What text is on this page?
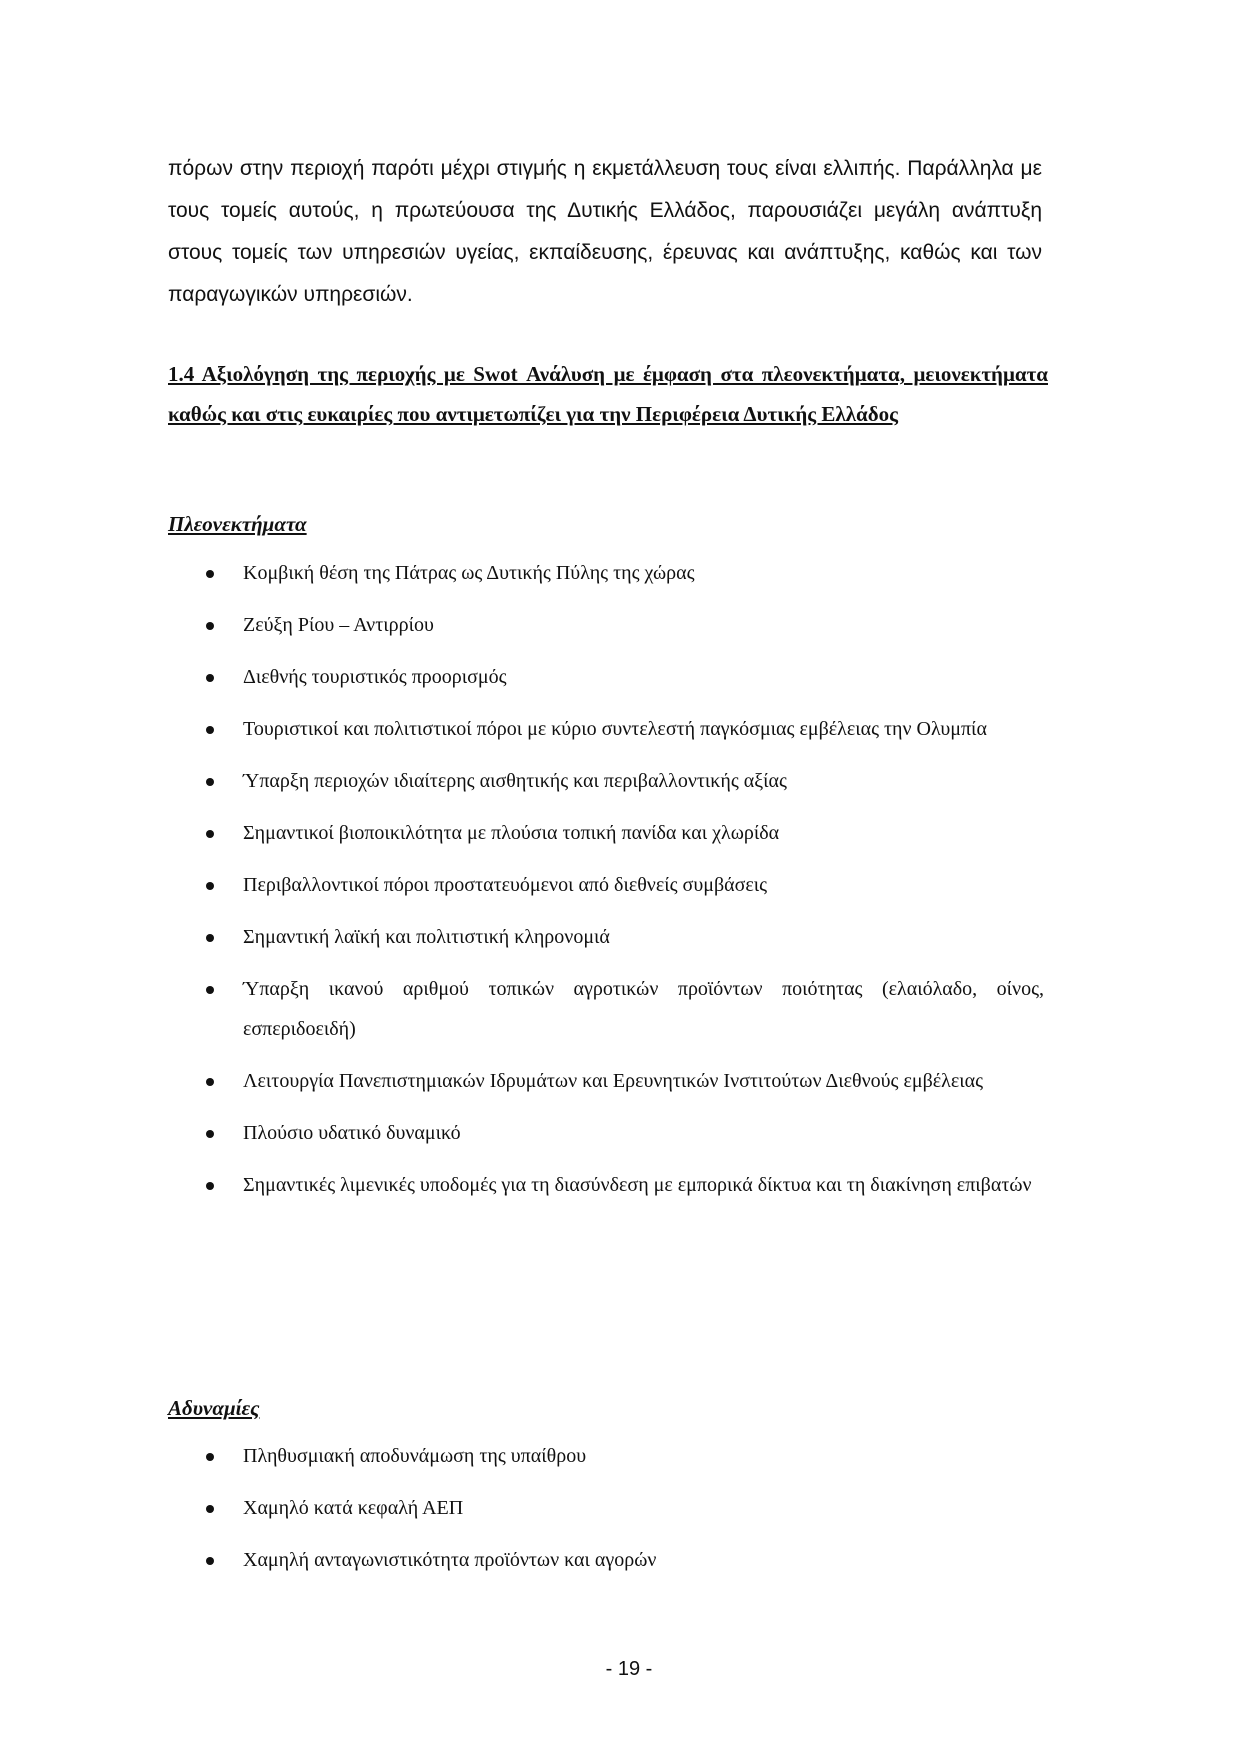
πόρων στην περιοχή παρότι μέχρι στιγμής η εκμετάλλευση τους είναι ελλιπής. Παράλληλα με τους τομείς αυτούς, η πρωτεύουσα της Δυτικής Ελλάδος, παρουσιάζει μεγάλη ανάπτυξη στους τομείς των υπηρεσιών υγείας, εκπαίδευσης, έρευνας και ανάπτυξης, καθώς και των παραγωγικών υπηρεσιών.

1.4 Αξιολόγηση της περιοχής με Swot Ανάλυση με έμφαση στα πλεονεκτήματα, μειονεκτήματα καθώς και στις ευκαιρίες που αντιμετωπίζει για την Περιφέρεια Δυτικής Ελλάδος
Πλεονεκτήματα
Κομβική θέση της Πάτρας ως Δυτικής Πύλης της χώρας
Ζεύξη Ρίου – Αντιρρίου
Διεθνής τουριστικός προορισμός
Τουριστικοί και πολιτιστικοί πόροι με κύριο συντελεστή παγκόσμιας εμβέλειας την Ολυμπία
Ύπαρξη περιοχών ιδιαίτερης αισθητικής και περιβαλλοντικής αξίας
Σημαντικοί βιοποικιλότητα με πλούσια τοπική πανίδα και χλωρίδα
Περιβαλλοντικοί πόροι προστατευόμενοι από διεθνείς συμβάσεις
Σημαντική λαϊκή και πολιτιστική κληρονομιά
Ύπαρξη ικανού αριθμού τοπικών αγροτικών προϊόντων ποιότητας (ελαιόλαδο, οίνος, εσπεριδοειδή)
Λειτουργία Πανεπιστημιακών Ιδρυμάτων και Ερευνητικών Ινστιτούτων Διεθνούς εμβέλειας
Πλούσιο υδατικό δυναμικό
Σημαντικές λιμενικές υποδομές για τη διασύνδεση με εμπορικά δίκτυα και τη διακίνηση επιβατών
Αδυναμίες
Πληθυσμιακή αποδυνάμωση της υπαίθρου
Χαμηλό κατά κεφαλή ΑΕΠ
Χαμηλή ανταγωνιστικότητα προϊόντων και αγορών
- 19 -
